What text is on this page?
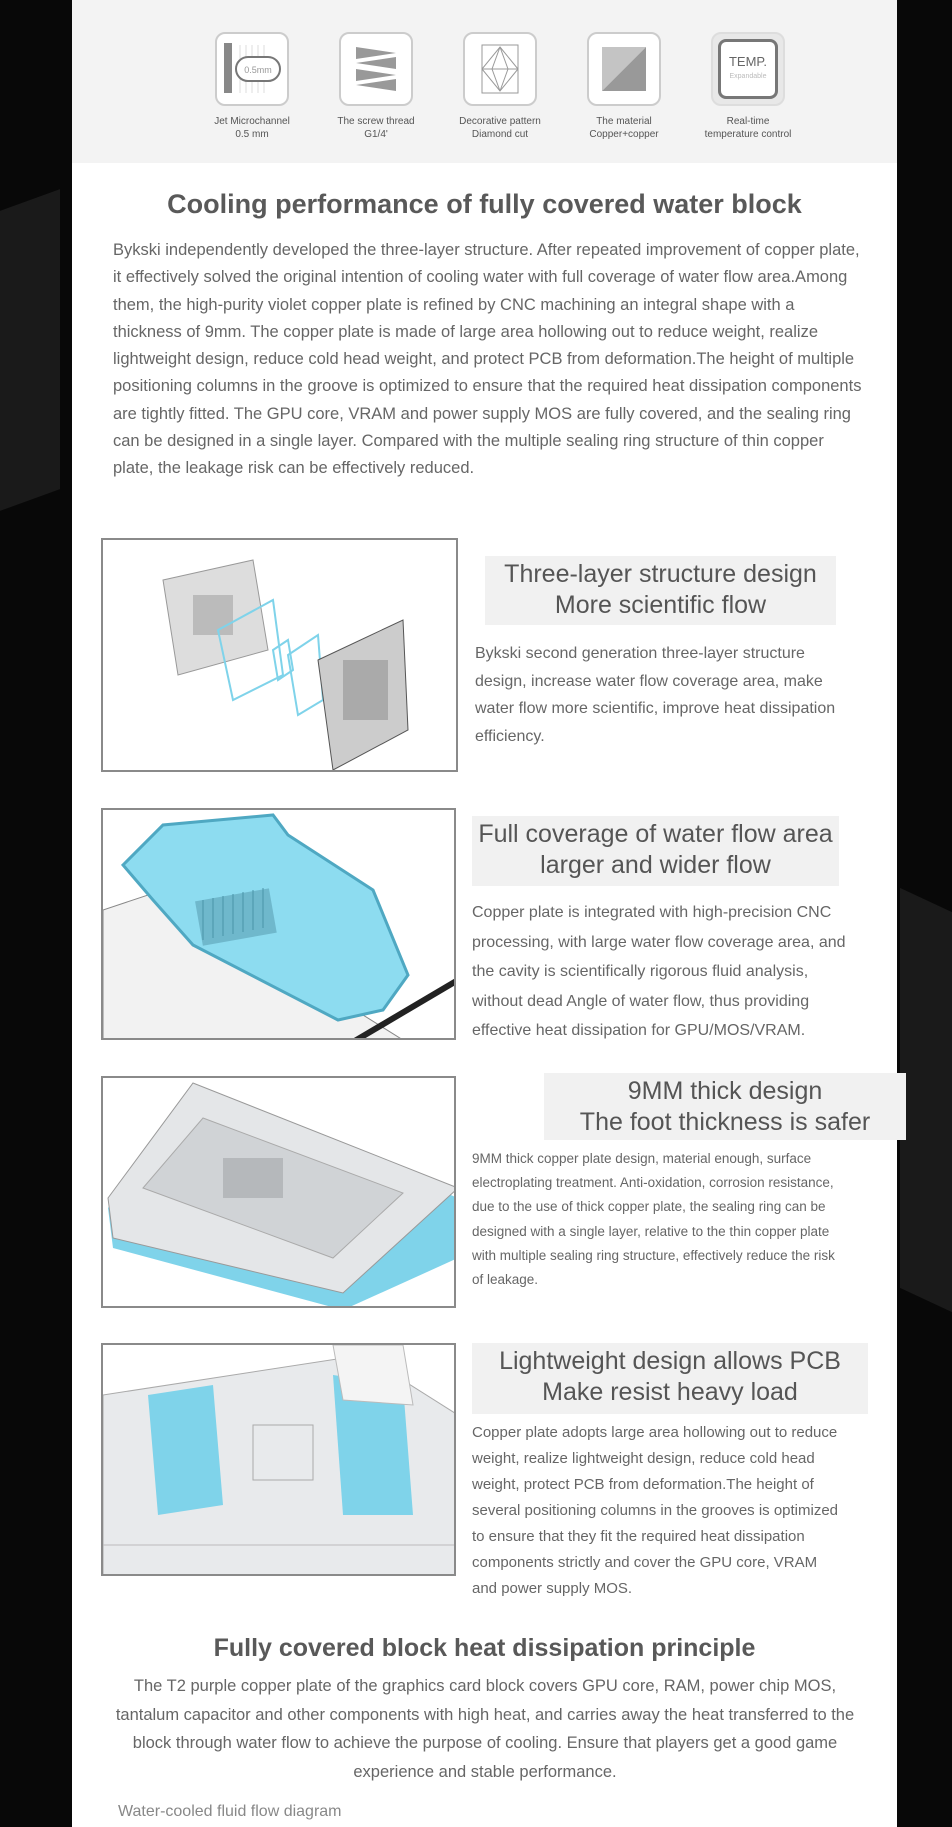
0.5mm
Jet Microchannel
0.5 mm
The screw thread
G1/4'
Decorative pattern
Diamond cut
The material
Copper+copper
TEMP.
Expandable
Real-time
temperature control
Cooling performance of fully covered water block
Bykski independently developed the three-layer structure. After repeated improvement of copper plate, it effectively solved the original intention of cooling water with full coverage of water flow area.Among them, the high-purity violet copper plate is refined by CNC machining an integral shape with a thickness of 9mm. The copper plate is made of large area hollowing out to reduce weight, realize lightweight design, reduce cold head weight, and protect PCB from deformation.The height of multiple positioning columns in the groove is optimized to ensure that the required heat dissipation components are tightly fitted. The GPU core, VRAM and power supply MOS are fully covered, and the sealing ring can be designed in a single layer. Compared with the multiple sealing ring structure of thin copper plate, the leakage risk can be effectively reduced.
Three-layer structure design
More scientific flow
Bykski second generation three-layer structure design, increase water flow coverage area, make water flow more scientific, improve heat dissipation efficiency.
Full coverage of water flow area
larger and wider flow
Copper plate is integrated with high-precision CNC processing, with large water flow coverage area, and the cavity is scientifically rigorous fluid analysis, without dead Angle of water flow, thus providing effective heat dissipation for GPU/MOS/VRAM.
9MM thick design
The foot thickness is safer
9MM thick copper plate design, material enough, surface electroplating treatment. Anti-oxidation, corrosion resistance, due to the use of thick copper plate, the sealing ring can be designed with a single layer, relative to the thin copper plate with multiple sealing ring structure, effectively reduce the risk of leakage.
Lightweight design allows PCB
Make resist heavy load
Copper plate adopts large area hollowing out to reduce weight, realize lightweight design, reduce cold head weight, protect PCB from deformation.The height of several positioning columns in the grooves is optimized to ensure that they fit the required heat dissipation components strictly and cover the GPU core, VRAM and power supply MOS.
Fully covered block heat dissipation principle
The T2 purple copper plate of the graphics card block covers GPU core, RAM, power chip MOS, tantalum capacitor and other components with high heat, and carries away the heat transferred to the block through water flow to achieve the purpose of cooling. Ensure that players get a good game experience and stable performance.
Water-cooled fluid flow diagram
